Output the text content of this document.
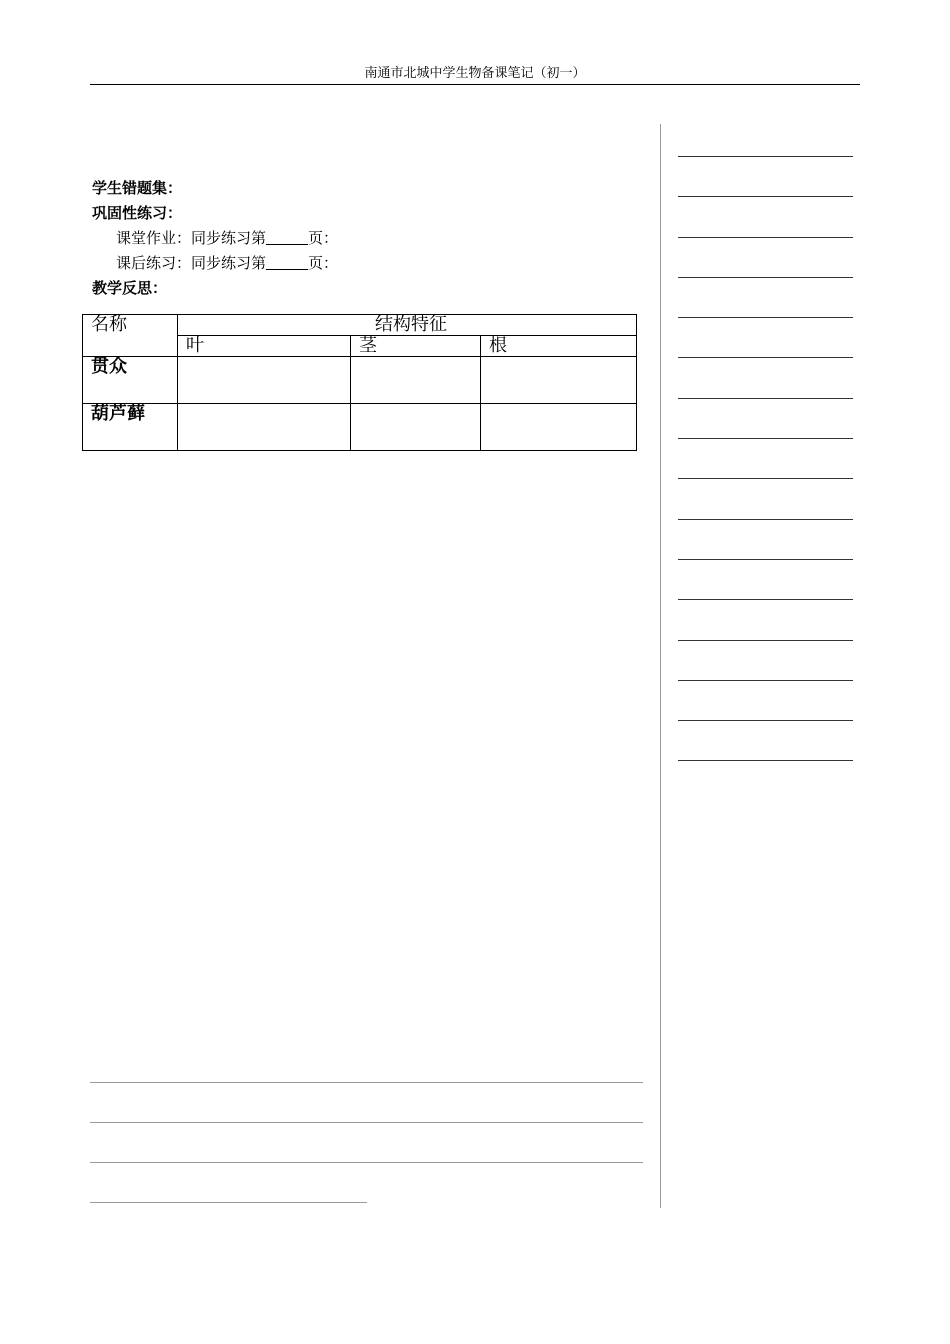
南通市北城中学生物备课笔记（初一）
学生错题集：
巩固性练习：
课堂作业：同步练习第	页：
课后练习：同步练习第	页：
教学反思：
名称	结构特征		
	叶	茎	根
贯众			
葫芦藓			
